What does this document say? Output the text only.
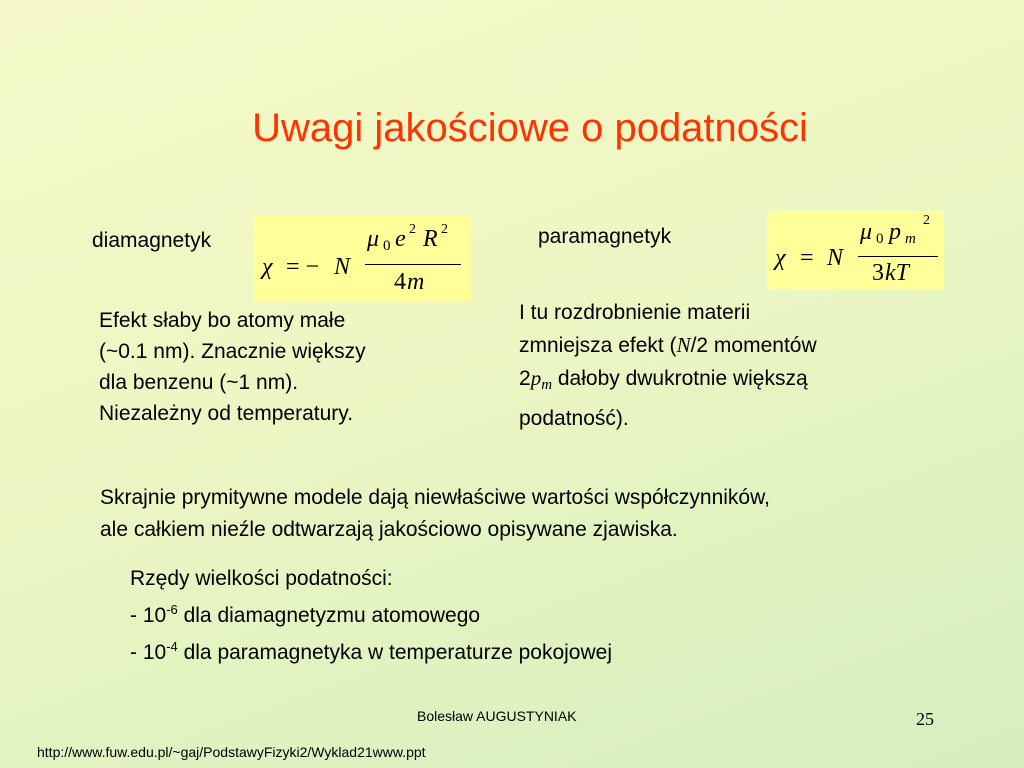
Uwagi jakościowe o podatności
diamagnetyk
χ = − N
μ 0 e 2 R 2
4 m
Efekt słaby bo atomy małe
(~0.1 nm). Znacznie większy
dla benzenu (~1 nm).
Niezależny od temperatury.
paramagnetyk
χ = N
μ 0 p m
2
3 kT
I tu rozdrobnienie materii
zmniejsza efekt (N/2 momentów
2pm dałoby dwukrotnie większą
podatność).
Skrajnie prymitywne modele dają niewłaściwe wartości współczynników,
ale całkiem nieźle odtwarzają jakościowo opisywane zjawiska.
Rzędy wielkości podatności:
- $10^{-6}$ dla diamagnetyzmu atomowego
- $10^{-4}$ dla paramagnetyka w temperaturze pokojowej
Bolesław AUGUSTYNIAK	25
http://www.fuw.edu.pl/~gaj/PodstawyFizyki2/Wyklad21www.ppt
